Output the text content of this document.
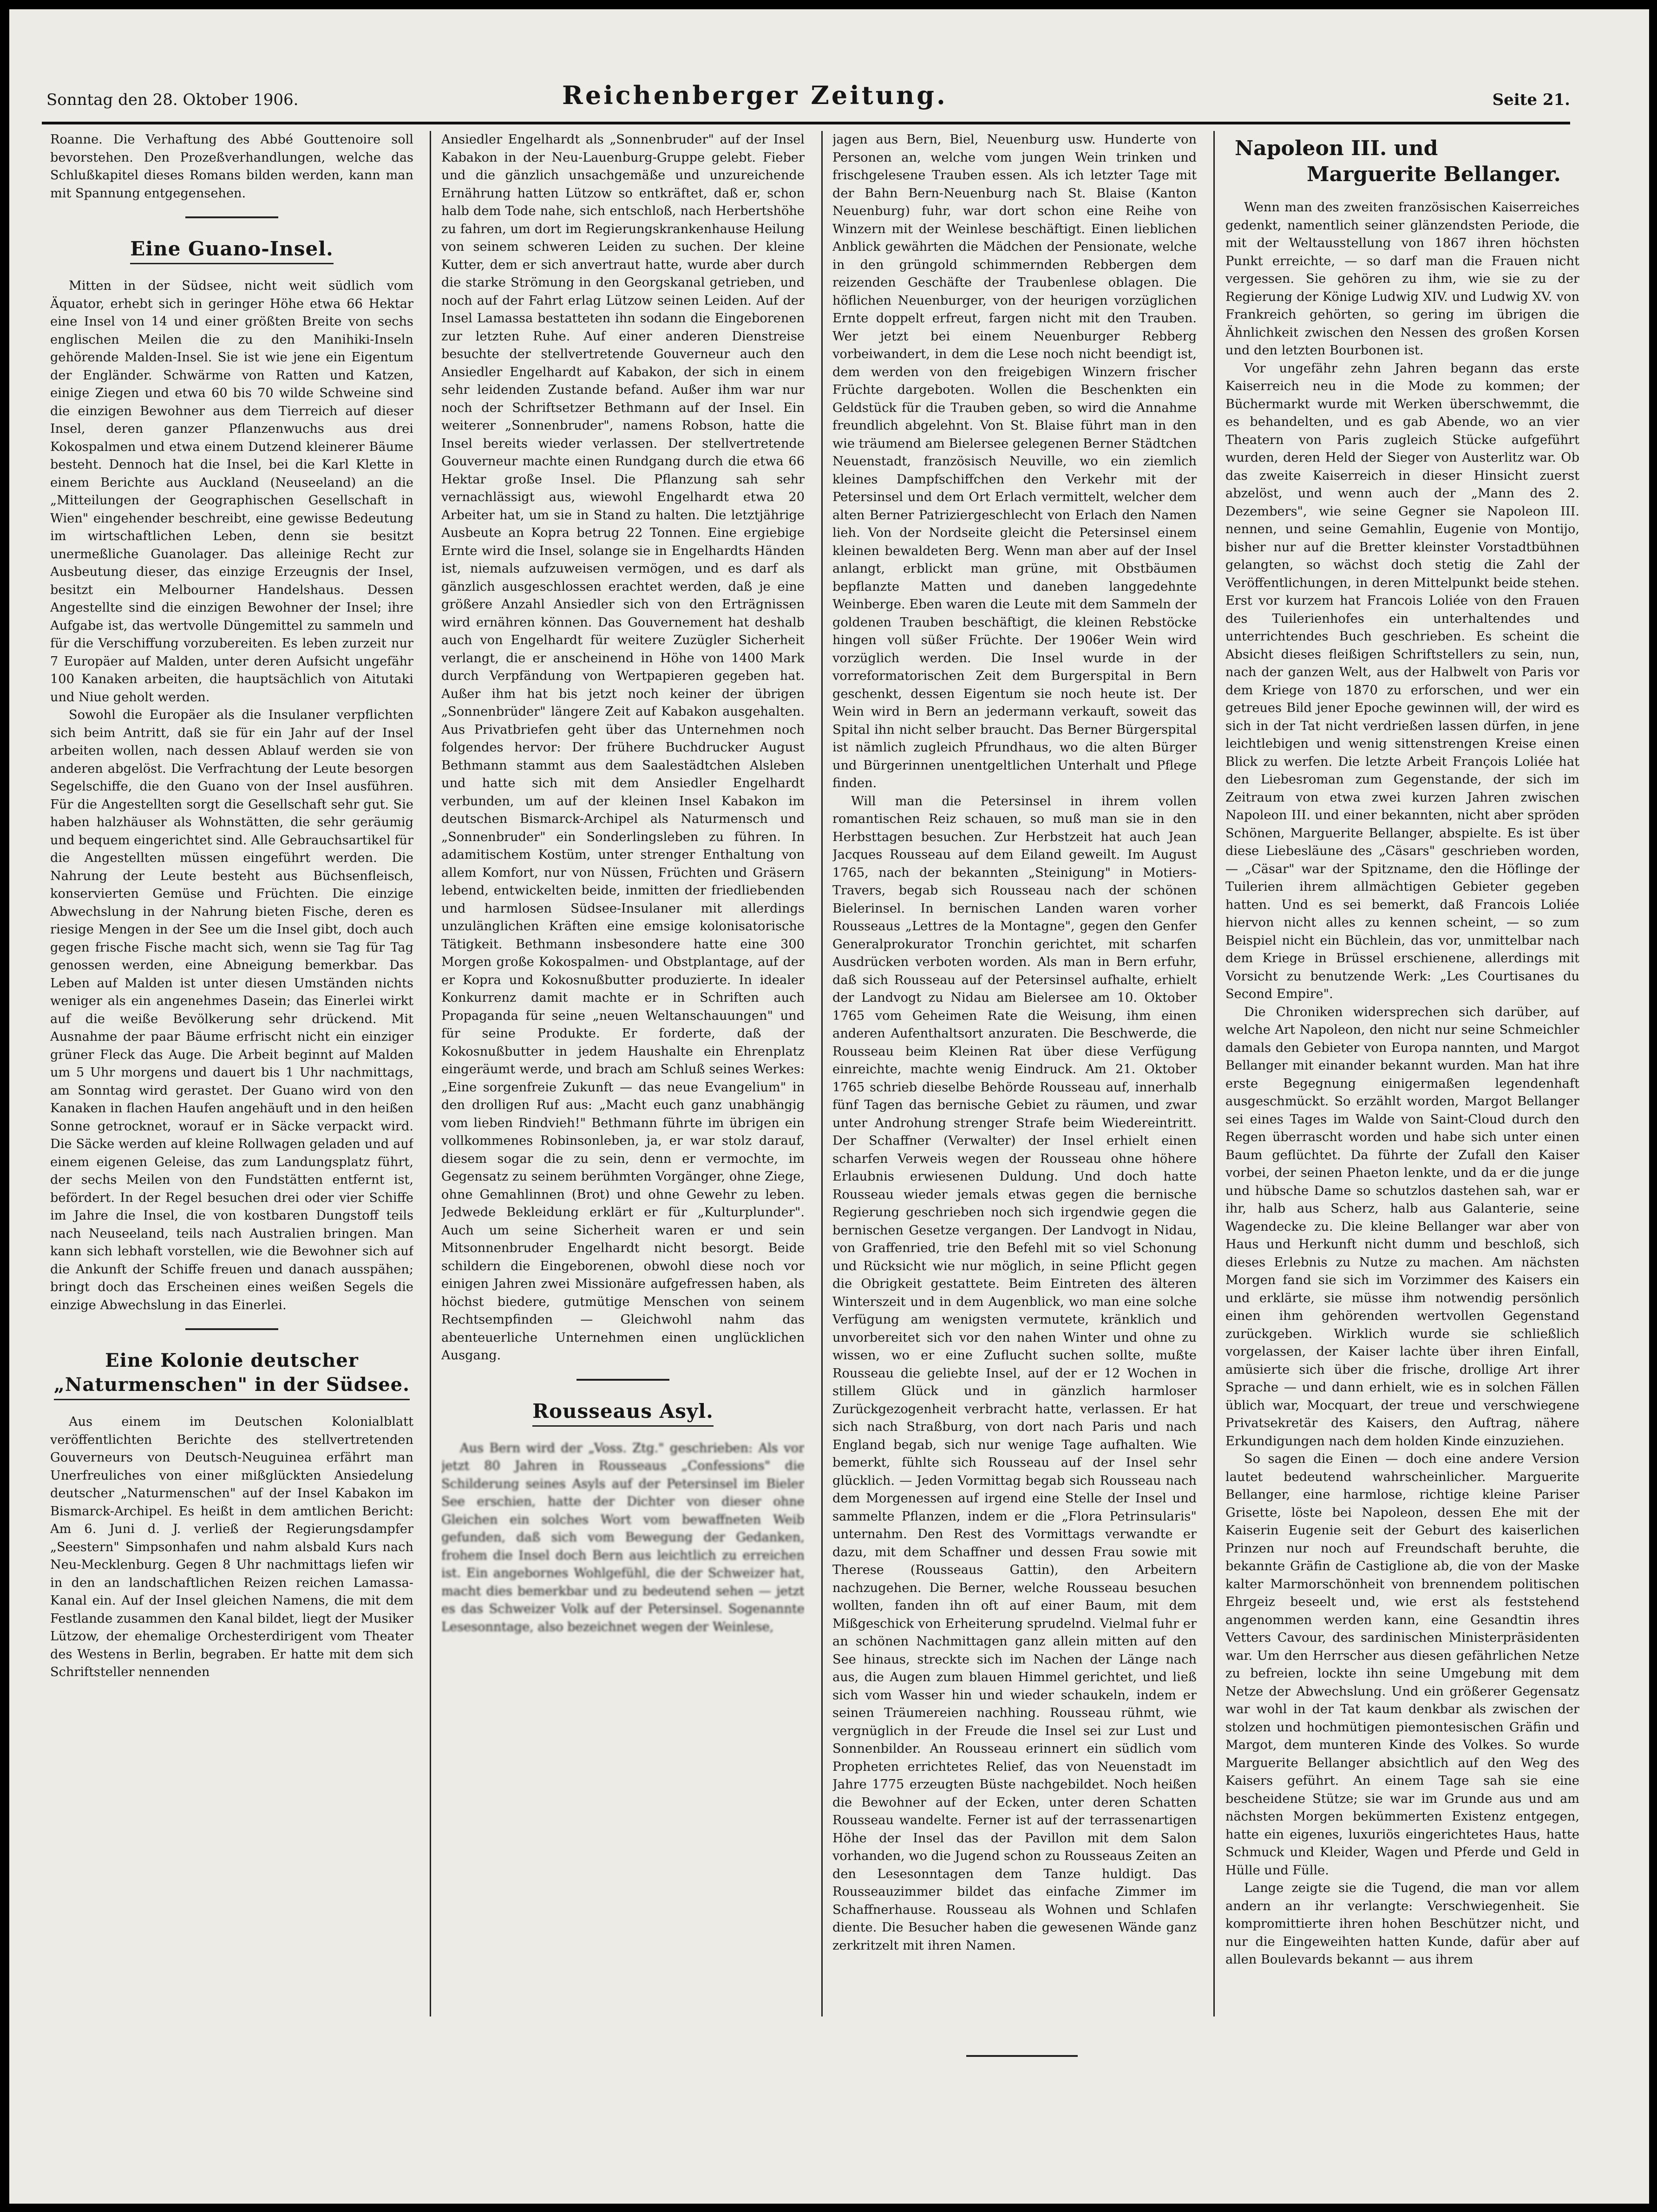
Sonntag den 28. Oktober 1906.	Reichenberger Zeitung.	Seite 21.

Roanne. Die Verhaftung des Abbé Gouttenoire soll bevorstehen. Den Prozeßverhandlungen, welche das Schlußkapitel dieses Romans bilden werden, kann man mit Spannung entgegensehen.

Eine Guano-Insel.

Mitten in der Südsee, nicht weit südlich vom Äquator, erhebt sich in geringer Höhe etwa 66 Hektar eine Insel von 14 und einer größten Breite von sechs englischen Meilen die zu den Manihiki-Inseln gehörende Malden-Insel. Sie ist wie jene ein Eigentum der Engländer. Schwärme von Ratten und Katzen, einige Ziegen und etwa 60 bis 70 wilde Schweine sind die einzigen Bewohner aus dem Tierreich auf dieser Insel, deren ganzer Pflanzenwuchs aus drei Kokospalmen und etwa einem Dutzend kleinerer Bäume besteht. Dennoch hat die Insel, bei die Karl Klette in einem Berichte aus Auckland (Neuseeland) an die „Mitteilungen der Geographischen Gesellschaft in Wien" eingehender beschreibt, eine gewisse Bedeutung im wirtschaftlichen Leben, denn sie besitzt unermeßliche Guanolager. Das alleinige Recht zur Ausbeutung dieser, das einzige Erzeugnis der Insel, besitzt ein Melbourner Handelshaus. Dessen Angestellte sind die einzigen Bewohner der Insel; ihre Aufgabe ist, das wertvolle Düngemittel zu sammeln und für die Verschiffung vorzubereiten. Es leben zurzeit nur 7 Europäer auf Malden, unter deren Aufsicht ungefähr 100 Kanaken arbeiten, die hauptsächlich von Aitutaki und Niue geholt werden.

Sowohl die Europäer als die Insulaner verpflichten sich beim Antritt, daß sie für ein Jahr auf der Insel arbeiten wollen, nach dessen Ablauf werden sie von anderen abgelöst. Die Verfrachtung der Leute besorgen Segelschiffe, die den Guano von der Insel ausführen. Für die Angestellten sorgt die Gesellschaft sehr gut. Sie haben halzhäuser als Wohnstätten, die sehr geräumig und bequem eingerichtet sind. Alle Gebrauchsartikel für die Angestellten müssen eingeführt werden. Die Nahrung der Leute besteht aus Büchsenfleisch, konservierten Gemüse und Früchten. Die einzige Abwechslung in der Nahrung bieten Fische, deren es riesige Mengen in der See um die Insel gibt, doch auch gegen frische Fische macht sich, wenn sie Tag für Tag genossen werden, eine Abneigung bemerkbar. Das Leben auf Malden ist unter diesen Umständen nichts weniger als ein angenehmes Dasein; das Einerlei wirkt auf die weiße Bevölkerung sehr drückend. Mit Ausnahme der paar Bäume erfrischt nicht ein einziger grüner Fleck das Auge. Die Arbeit beginnt auf Malden um 5 Uhr morgens und dauert bis 1 Uhr nachmittags, am Sonntag wird gerastet. Der Guano wird von den Kanaken in flachen Haufen angehäuft und in den heißen Sonne getrocknet, worauf er in Säcke verpackt wird. Die Säcke werden auf kleine Rollwagen geladen und auf einem eigenen Geleise, das zum Landungsplatz führt, der sechs Meilen von den Fundstätten entfernt ist, befördert. In der Regel besuchen drei oder vier Schiffe im Jahre die Insel, die von kostbaren Dungstoff teils nach Neuseeland, teils nach Australien bringen. Man kann sich lebhaft vorstellen, wie die Bewohner sich auf die Ankunft der Schiffe freuen und danach ausspähen; bringt doch das Erscheinen eines weißen Segels die einzige Abwechslung in das Einerlei.

Eine Kolonie deutscher
„Naturmenschen" in der Südsee.

Aus einem im Deutschen Kolonialblatt veröffentlichten Berichte des stellvertretenden Gouverneurs von Deutsch-Neuguinea erfährt man Unerfreuliches von einer mißglückten Ansiedelung deutscher „Naturmenschen" auf der Insel Kabakon im Bismarck-Archipel. Es heißt in dem amtlichen Bericht: Am 6. Juni d. J. verließ der Regierungsdampfer „Seestern" Simpsonhafen und nahm alsbald Kurs nach Neu-Mecklenburg. Gegen 8 Uhr nachmittags liefen wir in den an landschaftlichen Reizen reichen Lamassa-Kanal ein. Auf der Insel gleichen Namens, die mit dem Festlande zusammen den Kanal bildet, liegt der Musiker Lützow, der ehemalige Orchesterdirigent vom Theater des Westens in Berlin, begraben. Er hatte mit dem sich Schriftsteller nennenden

Ansiedler Engelhardt als „Sonnenbruder" auf der Insel Kabakon in der Neu-Lauenburg-Gruppe gelebt. Fieber und die gänzlich unsachgemäße und unzureichende Ernährung hatten Lützow so entkräftet, daß er, schon halb dem Tode nahe, sich entschloß, nach Herbertshöhe zu fahren, um dort im Regierungskrankenhause Heilung von seinem schweren Leiden zu suchen. Der kleine Kutter, dem er sich anvertraut hatte, wurde aber durch die starke Strömung in den Georgskanal getrieben, und noch auf der Fahrt erlag Lützow seinen Leiden. Auf der Insel Lamassa bestatteten ihn sodann die Eingeborenen zur letzten Ruhe. Auf einer anderen Dienstreise besuchte der stellvertretende Gouverneur auch den Ansiedler Engelhardt auf Kabakon, der sich in einem sehr leidenden Zustande befand. Außer ihm war nur noch der Schriftsetzer Bethmann auf der Insel. Ein weiterer „Sonnenbruder", namens Robson, hatte die Insel bereits wieder verlassen. Der stellvertretende Gouverneur machte einen Rundgang durch die etwa 66 Hektar große Insel. Die Pflanzung sah sehr vernachlässigt aus, wiewohl Engelhardt etwa 20 Arbeiter hat, um sie in Stand zu halten. Die letztjährige Ausbeute an Kopra betrug 22 Tonnen. Eine ergiebige Ernte wird die Insel, solange sie in Engelhardts Händen ist, niemals aufzuweisen vermögen, und es darf als gänzlich ausgeschlossen erachtet werden, daß je eine größere Anzahl Ansiedler sich von den Erträgnissen wird ernähren können. Das Gouvernement hat deshalb auch von Engelhardt für weitere Zuzügler Sicherheit verlangt, die er anscheinend in Höhe von 1400 Mark durch Verpfändung von Wertpapieren gegeben hat. Außer ihm hat bis jetzt noch keiner der übrigen „Sonnenbrüder" längere Zeit auf Kabakon ausgehalten. Aus Privatbriefen geht über das Unternehmen noch folgendes hervor: Der frühere Buchdrucker August Bethmann stammt aus dem Saalestädtchen Alsleben und hatte sich mit dem Ansiedler Engelhardt verbunden, um auf der kleinen Insel Kabakon im deutschen Bismarck-Archipel als Naturmensch und „Sonnenbruder" ein Sonderlingsleben zu führen. In adamitischem Kostüm, unter strenger Enthaltung von allem Komfort, nur von Nüssen, Früchten und Gräsern lebend, entwickelten beide, inmitten der friedliebenden und harmlosen Südsee-Insulaner mit allerdings unzulänglichen Kräften eine emsige kolonisatorische Tätigkeit. Bethmann insbesondere hatte eine 300 Morgen große Kokospalmen- und Obstplantage, auf der er Kopra und Kokosnußbutter produzierte. In idealer Konkurrenz damit machte er in Schriften auch Propaganda für seine „neuen Weltanschauungen" und für seine Produkte. Er forderte, daß der Kokosnußbutter in jedem Haushalte ein Ehrenplatz eingeräumt werde, und brach am Schluß seines Werkes: „Eine sorgenfreie Zukunft — das neue Evangelium" in den drolligen Ruf aus: „Macht euch ganz unabhängig vom lieben Rindvieh!" Bethmann führte im übrigen ein vollkommenes Robinsonleben, ja, er war stolz darauf, diesem sogar die zu sein, denn er vermochte, im Gegensatz zu seinem berühmten Vorgänger, ohne Ziege, ohne Gemahlinnen (Brot) und ohne Gewehr zu leben. Jedwede Bekleidung erklärt er für „Kulturplunder". Auch um seine Sicherheit waren er und sein Mitsonnenbruder Engelhardt nicht besorgt. Beide schildern die Eingeborenen, obwohl diese noch vor einigen Jahren zwei Missionäre aufgefressen haben, als höchst biedere, gutmütige Menschen von seinem Rechtsempfinden — Gleichwohl nahm das abenteuerliche Unternehmen einen unglücklichen Ausgang.

Rousseaus Asyl.

Aus Bern wird der „Voss. Ztg." geschrieben: Als vor jetzt 80 Jahren in Rousseaus „Confessions" die Schilderung seines Asyls auf der Petersinsel im Bieler See erschien, hatte der Dichter von dieser ohne Gleichen ein solches Wort vom bewaffneten Weib gefunden, daß sich vom Bewegung der Gedanken, frohem die Insel doch Bern aus leichtlich zu erreichen ist. Ein angebornes Wohlgefühl, die der Schweizer hat, macht dies bemerkbar und zu bedeutend sehen — jetzt es das Schweizer Volk auf der Petersinsel. Sogenannte Lesesonntage, also bezeichnet wegen der Weinlese,

jagen aus Bern, Biel, Neuenburg usw. Hunderte von Personen an, welche vom jungen Wein trinken und frischgelesene Trauben essen. Als ich letzter Tage mit der Bahn Bern-Neuenburg nach St. Blaise (Kanton Neuenburg) fuhr, war dort schon eine Reihe von Winzern mit der Weinlese beschäftigt. Einen lieblichen Anblick gewährten die Mädchen der Pensionate, welche in den grüngold schimmernden Rebbergen dem reizenden Geschäfte der Traubenlese oblagen. Die höflichen Neuenburger, von der heurigen vorzüglichen Ernte doppelt erfreut, fargen nicht mit den Trauben. Wer jetzt bei einem Neuenburger Rebberg vorbeiwandert, in dem die Lese noch nicht beendigt ist, dem werden von den freigebigen Winzern frischer Früchte dargeboten. Wollen die Beschenkten ein Geldstück für die Trauben geben, so wird die Annahme freundlich abgelehnt. Von St. Blaise führt man in den wie träumend am Bielersee gelegenen Berner Städtchen Neuenstadt, französisch Neuville, wo ein ziemlich kleines Dampfschiffchen den Verkehr mit der Petersinsel und dem Ort Erlach vermittelt, welcher dem alten Berner Patriziergeschlecht von Erlach den Namen lieh. Von der Nordseite gleicht die Petersinsel einem kleinen bewaldeten Berg. Wenn man aber auf der Insel anlangt, erblickt man grüne, mit Obstbäumen bepflanzte Matten und daneben langgedehnte Weinberge. Eben waren die Leute mit dem Sammeln der goldenen Trauben beschäftigt, die kleinen Rebstöcke hingen voll süßer Früchte. Der 1906er Wein wird vorzüglich werden. Die Insel wurde in der vorreformatorischen Zeit dem Burgerspital in Bern geschenkt, dessen Eigentum sie noch heute ist. Der Wein wird in Bern an jedermann verkauft, soweit das Spital ihn nicht selber braucht. Das Berner Bürgerspital ist nämlich zugleich Pfrundhaus, wo die alten Bürger und Bürgerinnen unentgeltlichen Unterhalt und Pflege finden.

Will man die Petersinsel in ihrem vollen romantischen Reiz schauen, so muß man sie in den Herbsttagen besuchen. Zur Herbstzeit hat auch Jean Jacques Rousseau auf dem Eiland geweilt. Im August 1765, nach der bekannten „Steinigung" in Motiers-Travers, begab sich Rousseau nach der schönen Bielerinsel. In bernischen Landen waren vorher Rousseaus „Lettres de la Montagne", gegen den Genfer Generalprokurator Tronchin gerichtet, mit scharfen Ausdrücken verboten worden. Als man in Bern erfuhr, daß sich Rousseau auf der Petersinsel aufhalte, erhielt der Landvogt zu Nidau am Bielersee am 10. Oktober 1765 vom Geheimen Rate die Weisung, ihm einen anderen Aufenthaltsort anzuraten. Die Beschwerde, die Rousseau beim Kleinen Rat über diese Verfügung einreichte, machte wenig Eindruck. Am 21. Oktober 1765 schrieb dieselbe Behörde Rousseau auf, innerhalb fünf Tagen das bernische Gebiet zu räumen, und zwar unter Androhung strenger Strafe beim Wiedereintritt. Der Schaffner (Verwalter) der Insel erhielt einen scharfen Verweis wegen der Rousseau ohne höhere Erlaubnis erwiesenen Duldung. Und doch hatte Rousseau wieder jemals etwas gegen die bernische Regierung geschrieben noch sich irgendwie gegen die bernischen Gesetze vergangen. Der Landvogt in Nidau, von Graffenried, trie den Befehl mit so viel Schonung und Rücksicht wie nur möglich, in seine Pflicht gegen die Obrigkeit gestattete. Beim Eintreten des älteren Winterszeit und in dem Augenblick, wo man eine solche Verfügung am wenigsten vermutete, kränklich und unvorbereitet sich vor den nahen Winter und ohne zu wissen, wo er eine Zuflucht suchen sollte, mußte Rousseau die geliebte Insel, auf der er 12 Wochen in stillem Glück und in gänzlich harmloser Zurückgezogenheit verbracht hatte, verlassen. Er hat sich nach Straßburg, von dort nach Paris und nach England begab, sich nur wenige Tage aufhalten. Wie bemerkt, fühlte sich Rousseau auf der Insel sehr glücklich. — Jeden Vormittag begab sich Rousseau nach dem Morgenessen auf irgend eine Stelle der Insel und sammelte Pflanzen, indem er die „Flora Petrinsularis" unternahm. Den Rest des Vormittags verwandte er dazu, mit dem Schaffner und dessen Frau sowie mit Therese (Rousseaus Gattin), den Arbeitern nachzugehen. Die Berner, welche Rousseau besuchen wollten, fanden ihn oft auf einer Baum, mit dem Mißgeschick von Erheiterung sprudelnd. Vielmal fuhr er an schönen Nachmittagen ganz allein mitten auf den See hinaus, streckte sich im Nachen der Länge nach aus, die Augen zum blauen Himmel gerichtet, und ließ sich vom Wasser hin und wieder schaukeln, indem er seinen Träumereien nachhing. Rousseau rühmt, wie vergnüglich in der Freude die Insel sei zur Lust und Sonnenbilder. An Rousseau erinnert ein südlich vom Propheten errichtetes Relief, das von Neuenstadt im Jahre 1775 erzeugten Büste nachgebildet. Noch heißen die Bewohner auf der Ecken, unter deren Schatten Rousseau wandelte. Ferner ist auf der terrassenartigen Höhe der Insel das der Pavillon mit dem Salon vorhanden, wo die Jugend schon zu Rousseaus Zeiten an den Lesesonntagen dem Tanze huldigt. Das Rousseauzimmer bildet das einfache Zimmer im Schaffnerhause. Rousseau als Wohnen und Schlafen diente. Die Besucher haben die gewesenen Wände ganz zerkritzelt mit ihren Namen.

Napoleon III. und
Marguerite Bellanger.

Wenn man des zweiten französischen Kaiserreiches gedenkt, namentlich seiner glänzendsten Periode, die mit der Weltausstellung von 1867 ihren höchsten Punkt erreichte, — so darf man die Frauen nicht vergessen. Sie gehören zu ihm, wie sie zu der Regierung der Könige Ludwig XIV. und Ludwig XV. von Frankreich gehörten, so gering im übrigen die Ähnlichkeit zwischen den Nessen des großen Korsen und den letzten Bourbonen ist.

Vor ungefähr zehn Jahren begann das erste Kaiserreich neu in die Mode zu kommen; der Büchermarkt wurde mit Werken überschwemmt, die es behandelten, und es gab Abende, wo an vier Theatern von Paris zugleich Stücke aufgeführt wurden, deren Held der Sieger von Austerlitz war. Ob das zweite Kaiserreich in dieser Hinsicht zuerst abzelöst, und wenn auch der „Mann des 2. Dezembers", wie seine Gegner sie Napoleon III. nennen, und seine Gemahlin, Eugenie von Montijo, bisher nur auf die Bretter kleinster Vorstadtbühnen gelangten, so wächst doch stetig die Zahl der Veröffentlichungen, in deren Mittelpunkt beide stehen. Erst vor kurzem hat Francois Loliée von den Frauen des Tuilerienhofes ein unterhaltendes und unterrichtendes Buch geschrieben. Es scheint die Absicht dieses fleißigen Schriftstellers zu sein, nun, nach der ganzen Welt, aus der Halbwelt von Paris vor dem Kriege von 1870 zu erforschen, und wer ein getreues Bild jener Epoche gewinnen will, der wird es sich in der Tat nicht verdrießen lassen dürfen, in jene leichtlebigen und wenig sittenstrengen Kreise einen Blick zu werfen. Die letzte Arbeit François Loliée hat den Liebesroman zum Gegenstande, der sich im Zeitraum von etwa zwei kurzen Jahren zwischen Napoleon III. und einer bekannten, nicht aber spröden Schönen, Marguerite Bellanger, abspielte. Es ist über diese Liebesläune des „Cäsars" geschrieben worden, — „Cäsar" war der Spitzname, den die Höflinge der Tuilerien ihrem allmächtigen Gebieter gegeben hatten. Und es sei bemerkt, daß Francois Loliée hiervon nicht alles zu kennen scheint, — so zum Beispiel nicht ein Büchlein, das vor, unmittelbar nach dem Kriege in Brüssel erschienene, allerdings mit Vorsicht zu benutzende Werk: „Les Courtisanes du Second Empire".

Die Chroniken widersprechen sich darüber, auf welche Art Napoleon, den nicht nur seine Schmeichler damals den Gebieter von Europa nannten, und Margot Bellanger mit einander bekannt wurden. Man hat ihre erste Begegnung einigermaßen legendenhaft ausgeschmückt. So erzählt worden, Margot Bellanger sei eines Tages im Walde von Saint-Cloud durch den Regen überrascht worden und habe sich unter einen Baum geflüchtet. Da führte der Zufall den Kaiser vorbei, der seinen Phaeton lenkte, und da er die junge und hübsche Dame so schutzlos dastehen sah, war er ihr, halb aus Scherz, halb aus Galanterie, seine Wagendecke zu. Die kleine Bellanger war aber von Haus und Herkunft nicht dumm und beschloß, sich dieses Erlebnis zu Nutze zu machen. Am nächsten Morgen fand sie sich im Vorzimmer des Kaisers ein und erklärte, sie müsse ihm notwendig persönlich einen ihm gehörenden wertvollen Gegenstand zurückgeben. Wirklich wurde sie schließlich vorgelassen, der Kaiser lachte über ihren Einfall, amüsierte sich über die frische, drollige Art ihrer Sprache — und dann erhielt, wie es in solchen Fällen üblich war, Mocquart, der treue und verschwiegene Privatsekretär des Kaisers, den Auftrag, nähere Erkundigungen nach dem holden Kinde einzuziehen.

So sagen die Einen — doch eine andere Version lautet bedeutend wahrscheinlicher. Marguerite Bellanger, eine harmlose, richtige kleine Pariser Grisette, löste bei Napoleon, dessen Ehe mit der Kaiserin Eugenie seit der Geburt des kaiserlichen Prinzen nur noch auf Freundschaft beruhte, die bekannte Gräfin de Castiglione ab, die von der Maske kalter Marmorschönheit von brennendem politischen Ehrgeiz beseelt und, wie erst als feststehend angenommen werden kann, eine Gesandtin ihres Vetters Cavour, des sardinischen Ministerpräsidenten war. Um den Herrscher aus diesen gefährlichen Netze zu befreien, lockte ihn seine Umgebung mit dem Netze der Abwechslung. Und ein größerer Gegensatz war wohl in der Tat kaum denkbar als zwischen der stolzen und hochmütigen piemontesischen Gräfin und Margot, dem munteren Kinde des Volkes. So wurde Marguerite Bellanger absichtlich auf den Weg des Kaisers geführt. An einem Tage sah sie eine bescheidene Stütze; sie war im Grunde aus und am nächsten Morgen bekümmerten Existenz entgegen, hatte ein eigenes, luxuriös eingerichtetes Haus, hatte Schmuck und Kleider, Wagen und Pferde und Geld in Hülle und Fülle.

Lange zeigte sie die Tugend, die man vor allem andern an ihr verlangte: Verschwiegenheit. Sie kompromittierte ihren hohen Beschützer nicht, und nur die Eingeweihten hatten Kunde, dafür aber auf allen Boulevards bekannt — aus ihrem
